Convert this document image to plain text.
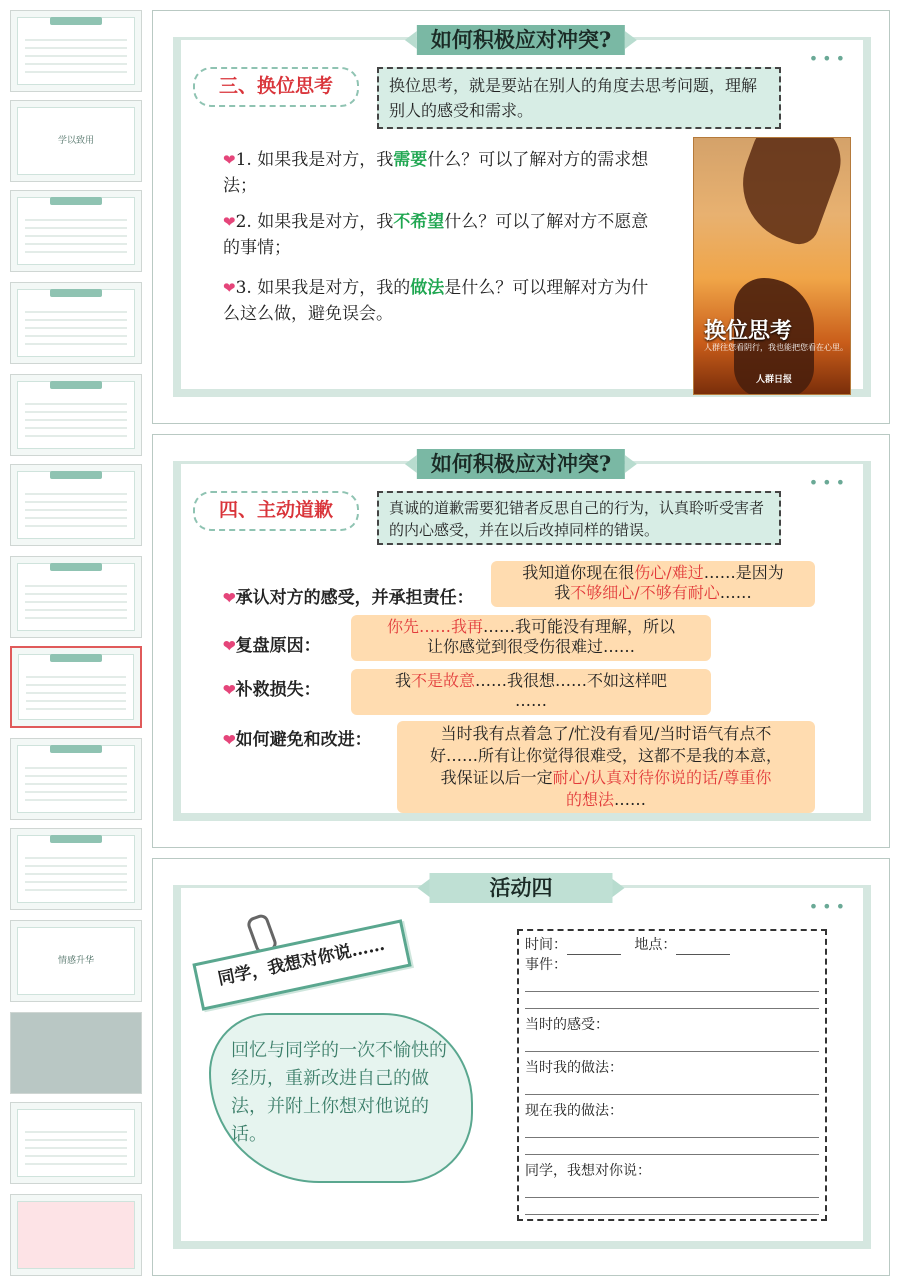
学以致用
情感升华
如何积极应对冲突?
•••
三、换位思考	换位思考，就是要站在别人的角度去思考问题，理解别人的感受和需求。
❤1. 如果我是对方，我需要什么？可以了解对方的需求想法；
❤2. 如果我是对方，我不希望什么？可以了解对方不愿意的事情；
❤3. 如果我是对方，我的做法是什么？可以理解对方为什么这么做，避免误会。
换位思考
人群往您看阴行，我也能把您看在心里。
人群日报
如何积极应对冲突?
•••
四、主动道歉	真诚的道歉需要犯错者反思自己的行为，认真聆听受害者的内心感受，并在以后改掉同样的错误。
❤承认对方的感受，并承担责任：
我知道你现在很伤心/难过……是因为
我不够细心/不够有耐心……
❤复盘原因：
你先……我再……我可能没有理解，所以
让你感觉到很受伤很难过……
❤补救损失：	我不是故意……我很想……不如这样吧
……
❤如何避免和改进：	当时我有点着急了/忙没有看见/当时语气有点不
好……所有让你觉得很难受，这都不是我的本意，
我保证以后一定耐心/认真对待你说的话/尊重你
的想法……
活动四
•••
同学，我想对你说……
回忆与同学的一次不愉快的经历，重新改进自己的做法，并附上你想对他说的话。
时间：	地点：
事件：
当时的感受：
当时我的做法：
现在我的做法：
同学，我想对你说：
